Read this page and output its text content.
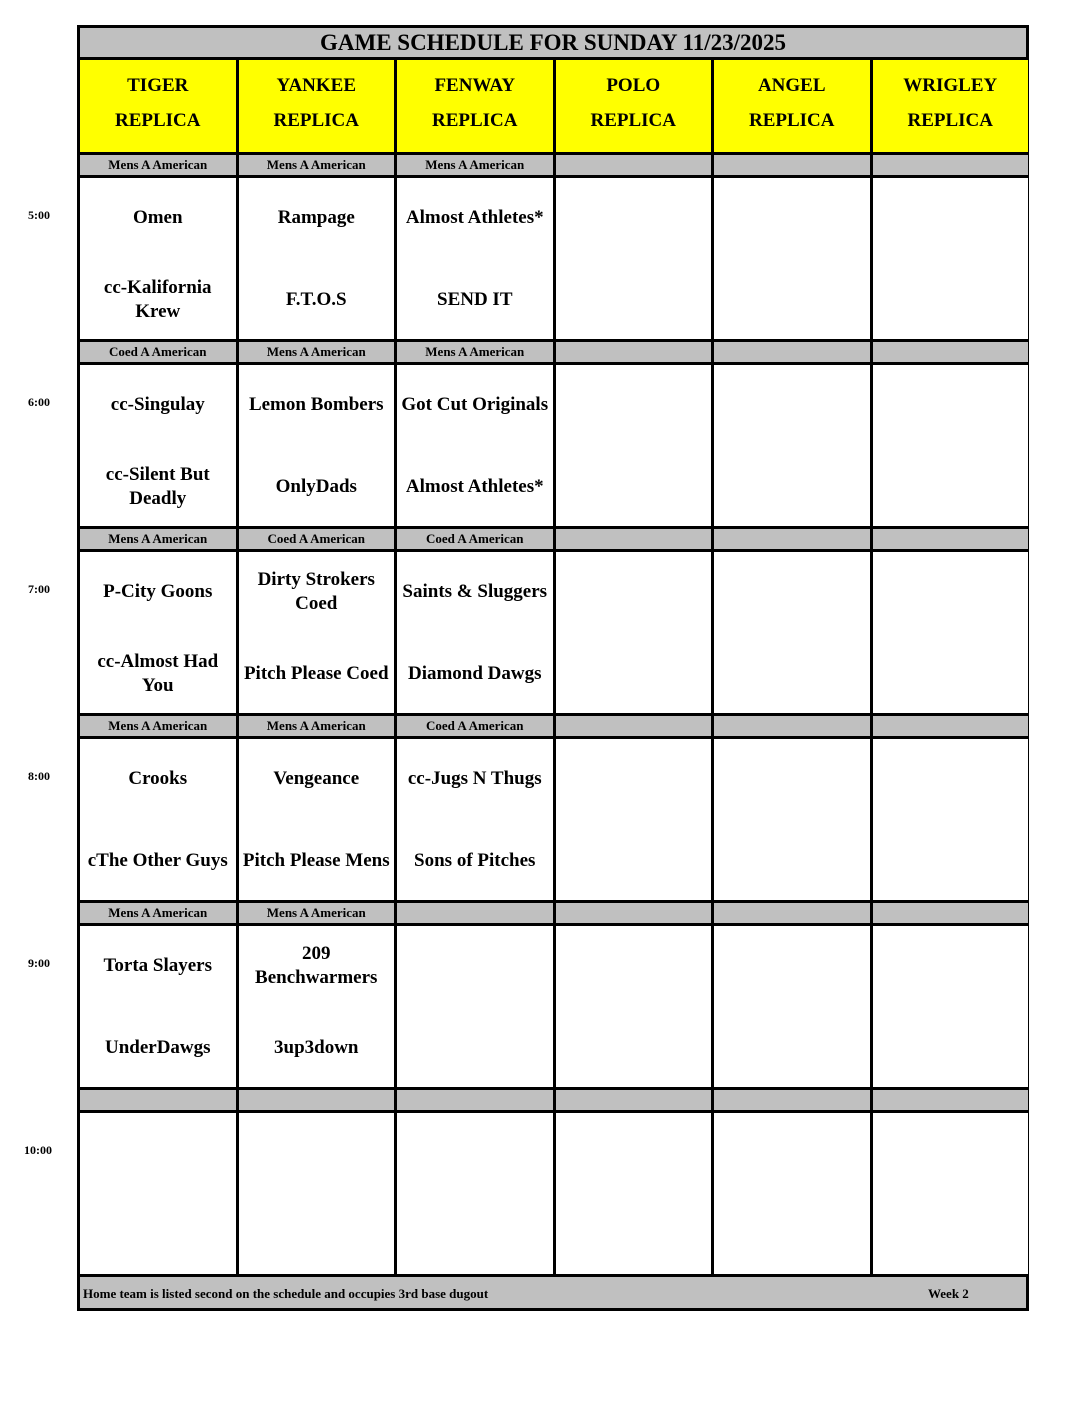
GAME SCHEDULE FOR SUNDAY 11/23/2025
TIGER
REPLICA
YANKEE
REPLICA
FENWAY
REPLICA
POLO
REPLICA
ANGEL
REPLICA
WRIGLEY
REPLICA
Mens A American
Omen
cc-Kalifornia Krew
Mens A American
Rampage
F.T.O.S
Mens A American
Almost Athletes*
SEND IT
Coed A American
cc-Singulay
cc-Silent But Deadly
Mens A American
Lemon Bombers
OnlyDads
Mens A American
Got Cut Originals
Almost Athletes*
Mens A American
P-City Goons
cc-Almost Had You
Coed A American
Dirty Strokers Coed
Pitch Please Coed
Coed A American
Saints & Sluggers
Diamond Dawgs
Mens A American
Crooks
cThe Other Guys
Mens A American
Vengeance
Pitch Please Mens
Coed A American
cc-Jugs N Thugs
Sons of Pitches
Mens A American
Torta Slayers
UnderDawgs
Mens A American
209 Benchwarmers
3up3down
Home team is listed second on the schedule and occupies 3rd base dugout	Week 2
5:00
6:00
7:00
8:00
9:00
10:00
